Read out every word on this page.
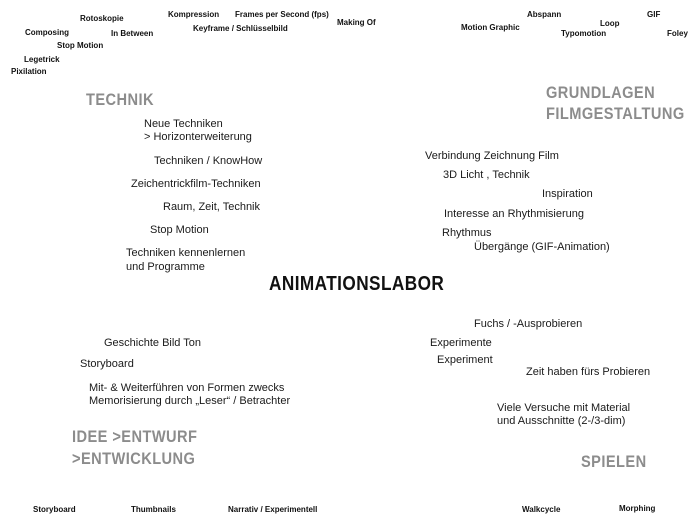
Rotoskopie	Kompression Frames per Second (fps)
Making Of
Composing	In Between
Keyframe / Schlüsselbild
Stop Motion
Legetrick
Pixilation
Abspann	GIF
Loop
Motion Graphic
Typomotion	Foley
TECHNIK	GRUNDLAGEN
FILMGESTALTUNG
IDEE >ENTWURF
>ENTWICKLUNG	SPIELEN
ANIMATIONSLABOR
Neue Techniken
> Horizonterweiterung
Techniken / KnowHow
Zeichentrickfilm-Techniken
Raum, Zeit, Technik
Stop Motion
Techniken kennenlernen
und Programme
Verbindung Zeichnung Film
3D Licht , Technik
Inspiration
Interesse an Rhythmisierung
Rhythmus
Übergänge (GIF-Animation)
Geschichte Bild Ton
Storyboard
Mit- & Weiterführen von Formen zwecks
Memorisierung durch „Leser“ / Betrachter
Fuchs / -Ausprobieren
Experimente
Experiment
Zeit haben fürs Probieren
Viele Versuche mit Material
und Ausschnitte (2-/3-dim)
Storyboard	Thumbnails	Narrativ / Experimentell	Walkcycle	Morphing
